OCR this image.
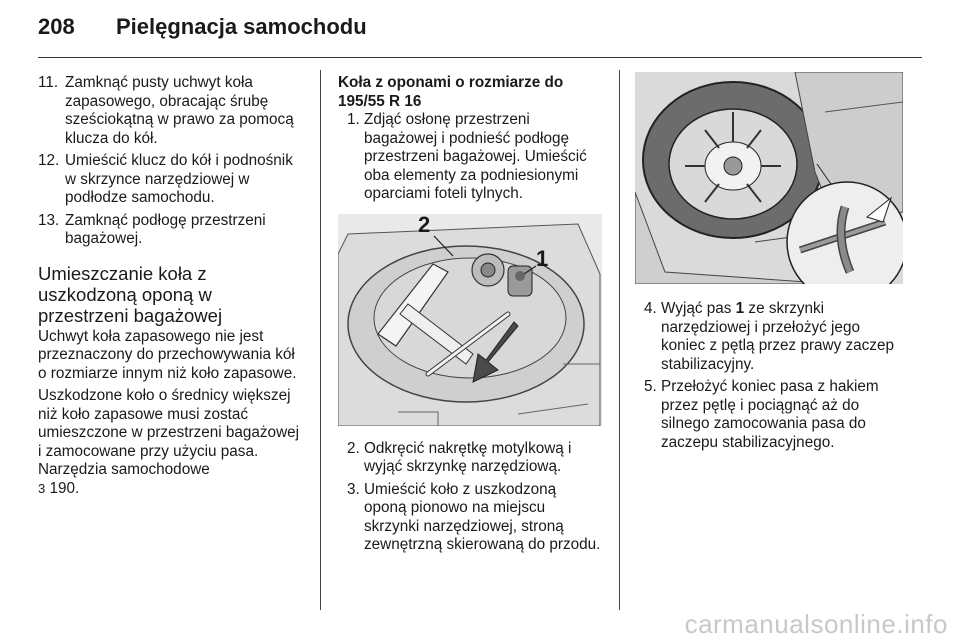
208 Pielęgnacja samochodu
11. Zamknąć pusty uchwyt koła zapasowego, obracając śrubę sześciokątną w prawo za pomocą klucza do kół.
12. Umieścić klucz do kół i podnośnik w skrzynce narzędziowej w podłodze samochodu.
13. Zamknąć podłogę przestrzeni bagażowej.
Umieszczanie koła z uszkodzoną oponą w przestrzeni bagażowej

Uchwyt koła zapasowego nie jest przeznaczony do przechowywania kół o rozmiarze innym niż koło zapasowe.

Uszkodzone koło o średnicy większej niż koło zapasowe musi zostać umieszczone w przestrzeni bagażowej i zamocowane przy użyciu pasa. Narzędzia samochodowe
3 190.

Koła z oponami o rozmiarze do 195/55 R 16
1. Zdjąć osłonę przestrzeni bagażowej i podnieść podłogę przestrzeni bagażowej. Umieścić oba elementy za podniesionymi oparciami foteli tylnych.
2
1
2. Odkręcić nakrętkę motylkową i wyjąć skrzynkę narzędziową.
3. Umieścić koło z uszkodzoną oponą pionowo na miejscu skrzynki narzędziowej, stroną zewnętrzną skierowaną do przodu.
4. Wyjąć pas 1 ze skrzynki narzędziowej i przełożyć jego koniec z pętlą przez prawy zaczep stabilizacyjny.
5. Przełożyć koniec pasa z hakiem przez pętlę i pociągnąć aż do silnego zamocowania pasa do zaczepu stabilizacyjnego.
carmanualsonline.info
